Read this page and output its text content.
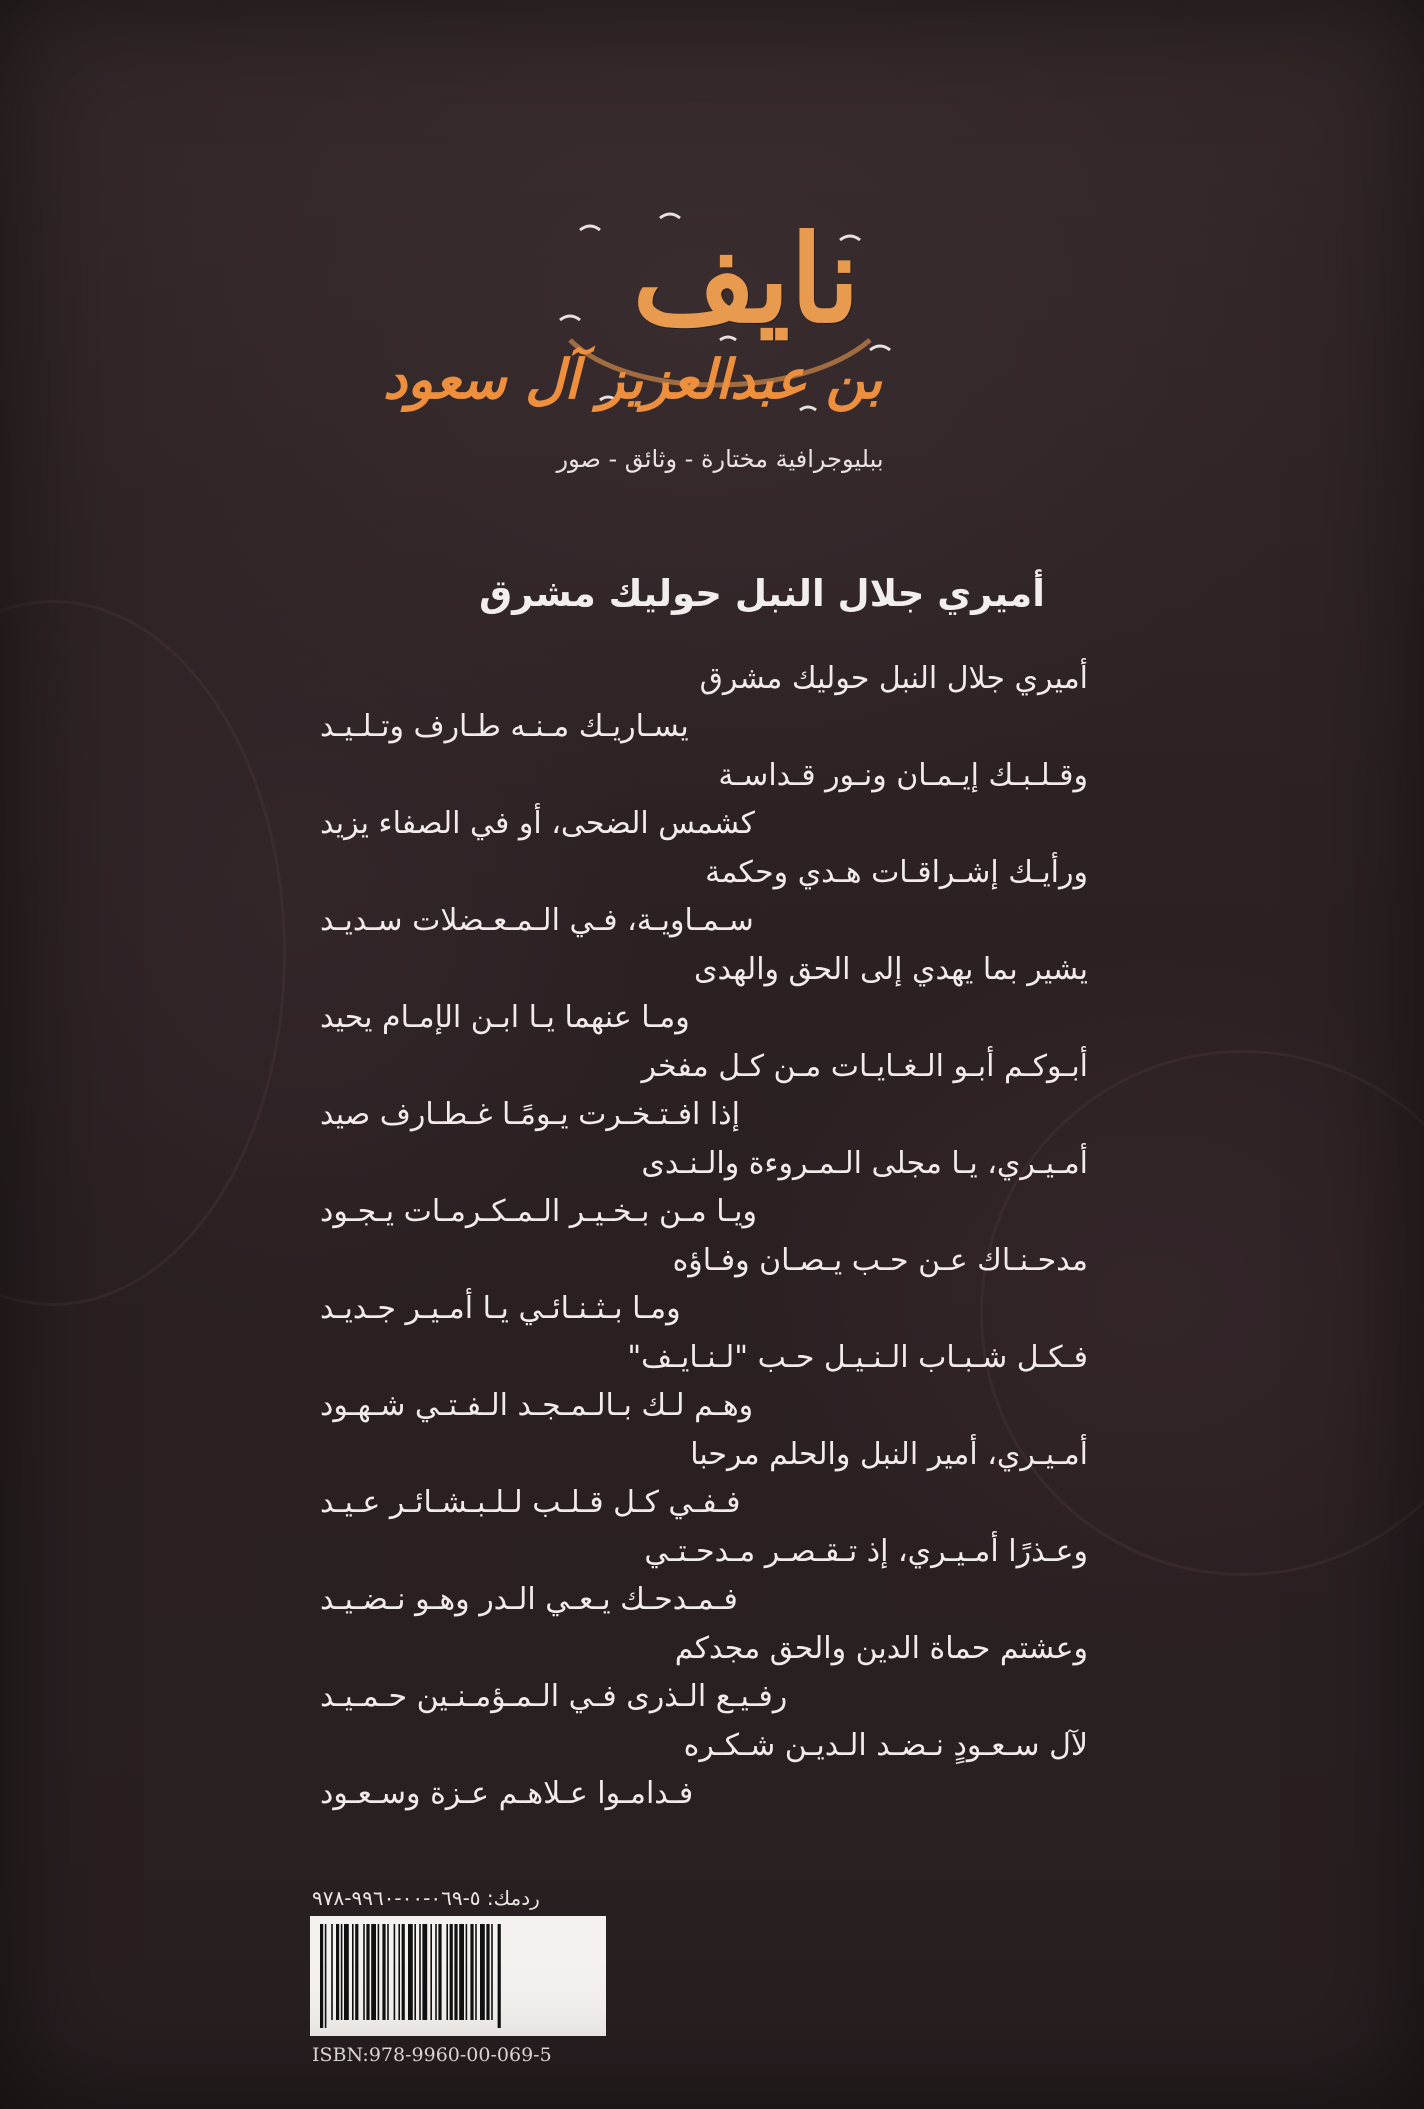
نايف
بن عبدالعزيز آل سعود
ببليوجرافية مختارة - وثائق - صور
أميري جلال النبل حوليك مشرق
أميري جلال النبل حوليك مشرق
يسـاريـك مـنـه طـارف وتـلـيـد
وقـلـبـك إيـمـان ونـور قـداسـة
كشمس الضحى، أو في الصفاء يزيد
ورأيـك إشـراقـات هـدي وحكمة
سـمـاويـة، فـي الـمـعـضلات سـديـد
يشير بما يهدي إلى الحق والهدى
ومـا عنهما يـا ابـن الإمـام يحيد
أبـوكـم أبـو الـغـايـات مـن كـل مفخر
إذا افـتـخـرت يـومًـا غـطـارف صيد
أمـيـري، يـا مجلى الـمـروءة والـنـدى
ويـا مـن بـخـيـر الـمـكـرمـات يـجـود
مدحـنـاك عـن حـب يـصـان وفـاؤه
ومـا بـثـنـائـي يـا أمـيـر جـديـد
فـكـل شـبـاب الـنـيـل حـب "لـنـايـف"
وهـم لـك بـالـمـجـد الـفـتـي شـهـود
أمـيـري، أمير النبل والحلم مرحبا
فـفـي كـل قـلـب لـلـبـشـائـر عـيـد
وعـذرًا أمـيـري، إذ تـقـصـر مـدحـتـي
فـمـدحـك يـعـي الـدر وهـو نـضـيـد
وعشتم حماة الدين والحق مجدكم
رفـيـع الـذرى فـي الـمـؤمـنـين حـمـيـد
لآل سـعـودٍ نـضـد الـديـن شـكـره
فـدامـوا عـلاهـم عـزة وسـعـود
ردمك: ٥-٠٦٩-٠٠-٩٩٦٠-٩٧٨
ISBN:978-9960-00-069-5
